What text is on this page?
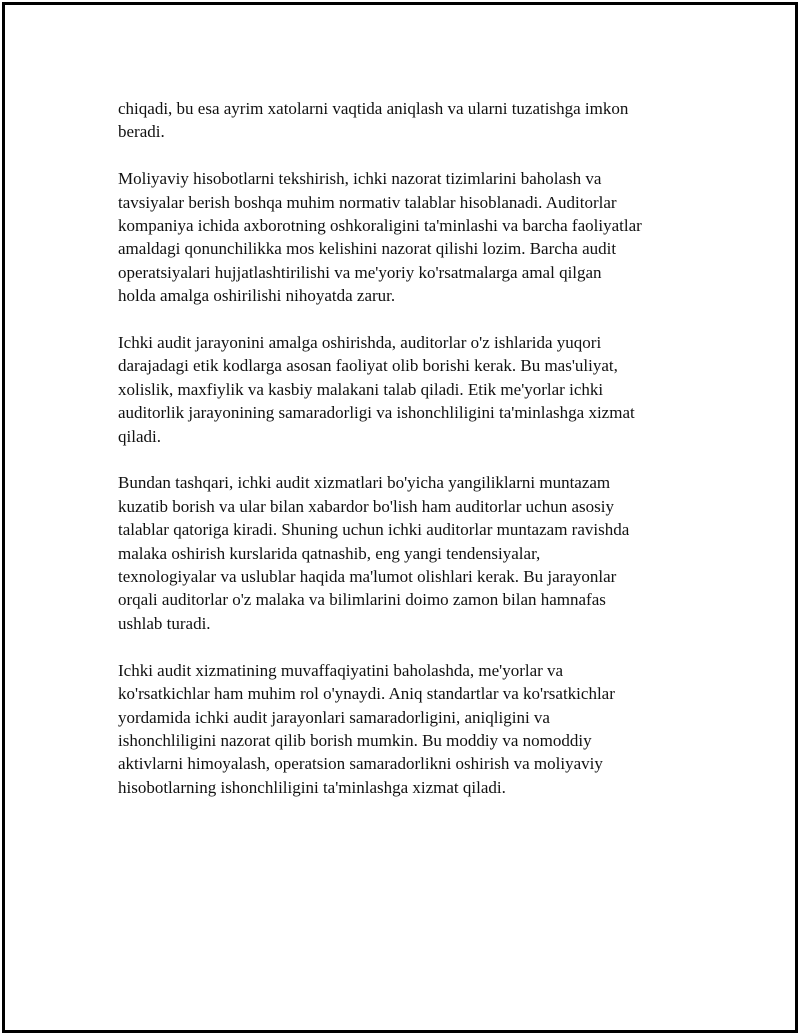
chiqadi, bu esa ayrim xatolarni vaqtida aniqlash va ularni tuzatishga imkon
beradi.

Moliyaviy hisobotlarni tekshirish, ichki nazorat tizimlarini baholash va
tavsiyalar berish boshqa muhim normativ talablar hisoblanadi. Auditorlar
kompaniya ichida axborotning oshkoraligini ta'minlashi va barcha faoliyatlar
amaldagi qonunchilikka mos kelishini nazorat qilishi lozim. Barcha audit
operatsiyalari hujjatlashtirilishi va me'yoriy ko'rsatmalarga amal qilgan
holda amalga oshirilishi nihoyatda zarur.

Ichki audit jarayonini amalga oshirishda, auditorlar o'z ishlarida yuqori
darajadagi etik kodlarga asosan faoliyat olib borishi kerak. Bu mas'uliyat,
xolislik, maxfiylik va kasbiy malakani talab qiladi. Etik me'yorlar ichki
auditorlik jarayonining samaradorligi va ishonchliligini ta'minlashga xizmat
qiladi.

Bundan tashqari, ichki audit xizmatlari bo'yicha yangiliklarni muntazam
kuzatib borish va ular bilan xabardor bo'lish ham auditorlar uchun asosiy
talablar qatoriga kiradi. Shuning uchun ichki auditorlar muntazam ravishda
malaka oshirish kurslarida qatnashib, eng yangi tendensiyalar,
texnologiyalar va uslublar haqida ma'lumot olishlari kerak. Bu jarayonlar
orqali auditorlar o'z malaka va bilimlarini doimo zamon bilan hamnafas
ushlab turadi.

Ichki audit xizmatining muvaffaqiyatini baholashda, me'yorlar va
ko'rsatkichlar ham muhim rol o'ynaydi. Aniq standartlar va ko'rsatkichlar
yordamida ichki audit jarayonlari samaradorligini, aniqligini va
ishonchliligini nazorat qilib borish mumkin. Bu moddiy va nomoddiy
aktivlarni himoyalash, operatsion samaradorlikni oshirish va moliyaviy
hisobotlarning ishonchliligini ta'minlashga xizmat qiladi.
